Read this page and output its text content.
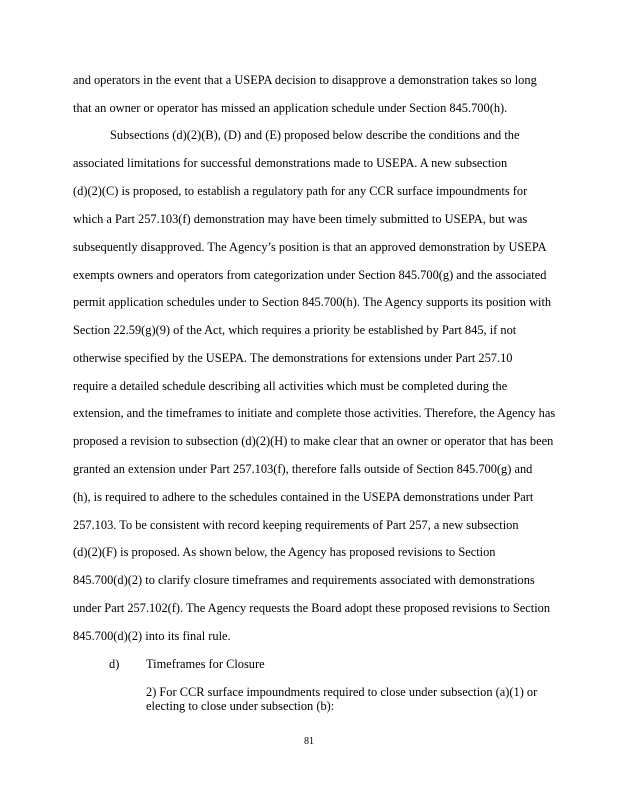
and operators in the event that a USEPA decision to disapprove a demonstration takes so long
that an owner or operator has missed an application schedule under Section 845.700(h).
Subsections (d)(2)(B), (D) and (E) proposed below describe the conditions and the
associated limitations for successful demonstrations made to USEPA. A new subsection
(d)(2)(C) is proposed, to establish a regulatory path for any CCR surface impoundments for
which a Part 257.103(f) demonstration may have been timely submitted to USEPA, but was
subsequently disapproved. The Agency’s position is that an approved demonstration by USEPA
exempts owners and operators from categorization under Section 845.700(g) and the associated
permit application schedules under to Section 845.700(h). The Agency supports its position with
Section 22.59(g)(9) of the Act, which requires a priority be established by Part 845, if not
otherwise specified by the USEPA. The demonstrations for extensions under Part 257.10
require a detailed schedule describing all activities which must be completed during the
extension, and the timeframes to initiate and complete those activities. Therefore, the Agency has
proposed a revision to subsection (d)(2)(H) to make clear that an owner or operator that has been
granted an extension under Part 257.103(f), therefore falls outside of Section 845.700(g) and
(h), is required to adhere to the schedules contained in the USEPA demonstrations under Part
257.103. To be consistent with record keeping requirements of Part 257, a new subsection
(d)(2)(F) is proposed. As shown below, the Agency has proposed revisions to Section
845.700(d)(2) to clarify closure timeframes and requirements associated with demonstrations
under Part 257.102(f). The Agency requests the Board adopt these proposed revisions to Section
845.700(d)(2) into its final rule.
d) Timeframes for Closure
2) For CCR surface impoundments required to close under subsection (a)(1) or
electing to close under subsection (b):
81
